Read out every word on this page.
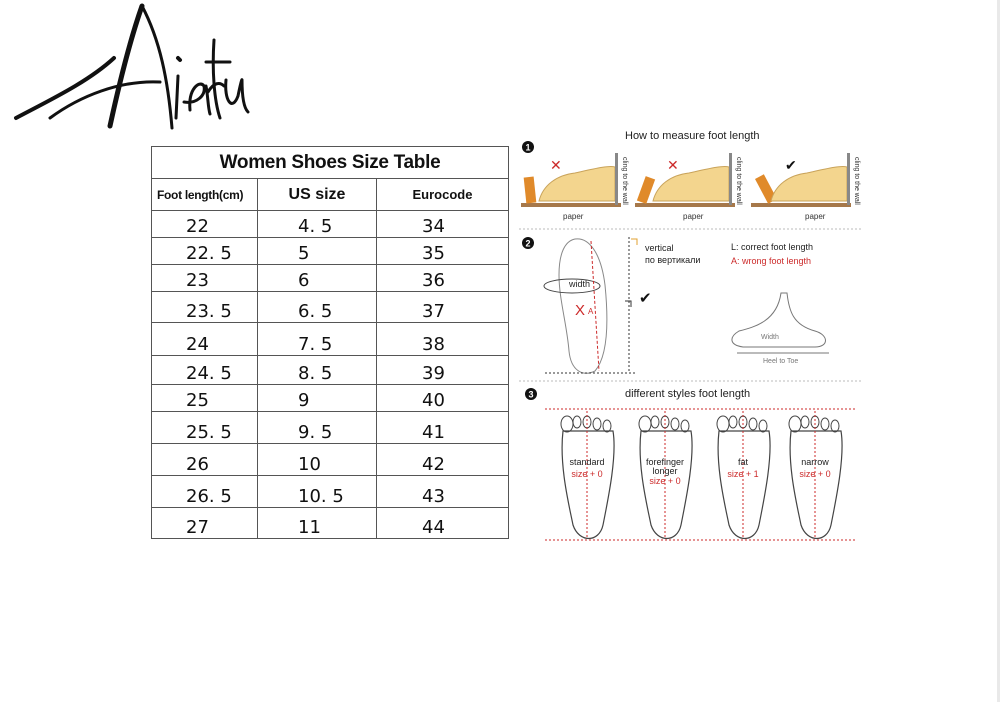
Women Shoes Size Table		
Foot length(cm)	US size	Eurocode
22	4. 5	34
22. 5	5	35
23	6	36
23. 5	6. 5	37
24	7. 5	38
24. 5	8. 5	39
25	9	40
25. 5	9. 5	41
26	10	42
26. 5	10. 5	43
27	11	44
How to measure foot length
1
✕
paper
cling to the wall	✕
paper
cling to the wall	✔
paper
cling to the wall
2
width
X A
✔
vertical
по вертикали
L: correct foot length
A: wrong foot length
Width
Heel to Toe
3	different styles foot length
standard
size + 0
forefinger
longer
size + 0
fat
size + 1
narrow
size + 0
